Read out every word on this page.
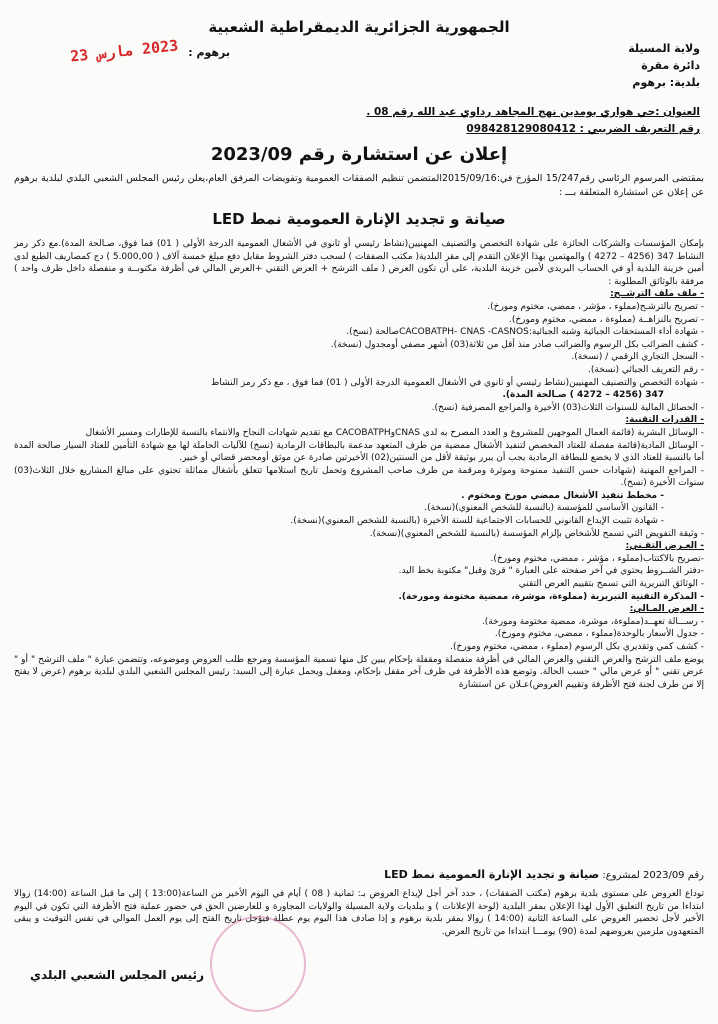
الجمهورية الجزائرية الديمقراطية الشعبية
ولاية المسيلة
دائرة مقرة
بلدية: برهوم
برهوم : 2023 مارس 23
العنوان :حي هواري بومدين نهج المجاهد رداوي عبد الله رقم 08 .
رقم التعريف الضريبي : 098428129080412
إعلان عن استشارة رقم 2023/09
بمقتضى المرسوم الرئاسي رقم15/247 المؤرخ في:2015/09/16المتضمن تنظيم الصفقات العمومية وتفويضات المرفق العام،يعلن رئيس المجلس الشعبي البلدي لبلدية برهوم عن إعلان عن استشارة المتعلقة بـــ :
صيانة و تجديد الإنارة العمومية نمط LED

بإمكان المؤسسات والشركات الحائزة على شهادة التخصص والتصنيف المهنيين(نشاط رئيسي أو ثانوي في الأشغال العمومية الدرجة الأولى ( 01) فما فوق، صـالحة المدة).مع ذكر رمز النشاط 347 (4256 – 4272 ) والمهتمين بهذا الإعلان التقدم إلى مقر البلدية( مكتب الصفقات ) لسحب دفتر الشروط مقابل دفع مبلغ خمسة آلاف ( 5.000,00 ) دج كمصاريف الطبع لدى أمين خزينة البلدية أو في الحساب البريدي لأمين خزينة البلدية، على أن تكون العرض ( ملف الترشح + العرض التقني +العرض المالي في أظرفة مكتوبــة و منفصلة داخل ظرف واحد ) مرفقة بالوثائق المطلوبة :

- ملف ملف الترشــح:

- تصريح بالترشـح(مملوء ، مؤشر ، ممضي، مختوم ومورخ).

- تصريح بالنزاهــة (مملوءة ، ممضي، مختوم ومورخ).

- شهادة أداء المستحقات الجبائية وشبه الجبائية:CACOBATPH- CNAS -CASNOSصالحة (نسخ).

- كشف الضرائب بكل الرسوم والضرائب صادر منذ أقل من ثلاثة(03) أشهر مصفي أومجدول (نسخة).

- السجل التجاري الرقمي / (نسخة).

- رقم التعريف الجبائي (نسخة).

- شهادة التخصص والتصنيف المهنيين(نشاط رئيسي أو ثانوي في الأشغال العمومية الدرجة الأولى ( 01) فما فوق ، مع ذكر رمز النشاط

347 (4256 – 4272 ) صـالحة المدة).

- الحصائل المالية للسنوات الثلاث(03) الأخيرة والمراجع المصرفية (نسخ).

- القدرات التقنية:

- الوسائل البشرية (قائمة العمال الموجهين للمشروع و العدد المصرح به لدى CNASوCACOBATPH مع تقديم شهادات النجاح والانتماء بالنسبة للإطارات ومسير الأشغال

- الوسائل المادية(قائمة مفصلة للعتاد المخصص لتنفيذ الأشغال ممضية من طرف المتعهد مدعمة بالبطاقات الرمادية (نسخ) للآليات الحاملة لها مع شهادة التأمين للعتاد السيار صالحة المدة أما بالنسبة للعتاد الذي لا يخضع للبطاقة الرمادية يجب أن يبرر بوثيقة لأقل من السنتين(02) الأخيرتين صادرة عن موثق أومحضر قضائي أو خبير.

- المراجع المهنية (شهادات حسن التنفيذ ممنوحة وموثرة ومرقمة من طرف صاحب المشروع وتحمل تاريخ استلامها تتعلق بأشغال مماثلة تحتوي على مبالغ المشاريع خلال الثلاث(03) سنوات الأخيرة (نسخ).

- مخطط تنفيذ الأشغال ممضي مورخ ومختوم .

- القانون الأساسي للمؤسسة (بالنسبة للشخص المعنوي)(نسخة).

- شهادة تثبيت الإيداع القانوني للحسابات الاجتماعية للسنة الأخيرة (بالنسبة للشخص المعنوي)(نسخة).

- وثيقة التفويض التي تسمح للأشخاص بإلزام المؤسسة (بالنسبة للشخص المعنوي)(نسخة).

- العـرض التقـني:

-تصريح بالاكتتاب(مملوء ، مؤشر ، ممضي، مختوم ومورخ).

-دفتر الشــروط يحتوي في آخر صفحته على العبارة " قرئ وقبل" مكتوبة بخط اليد.

- الوثائق التبريرية التي تسمح بتقييم العرض التقني

- المذكرة التقنية التبريرية (مملوءة، موشرة، ممضية مختومة ومورخة).

- العرض المـالي:

- رســـالة تعهــد(مملوءة، موشرة، ممضية مختومة ومورخة).

- جدول الأسعار بالوحدة(مملوء ، ممضي، مختوم ومورخ).

- كشف كمي وتقديري بكل الرسوم (مملوء ، ممضي، مختوم ومورخ).

يوضع ملف الترشح والعرض التقني والعرض المالي في أظرفة منفصلة ومقفلة بإحكام يبين كل منها تسمية المؤسسة ومرجع طلب العروض وموضوعه، وتتضمن عبارة " ملف الترشح " أو " عرض تقني " أو عرض مالي " حسب الحالة. وتوضع هذه الأظرفة في ظرف آخر مقفل بإحكام، ومغفل ويحمل عبارة إلى السيد: رئيس المجلس الشعبي البلدي لبلدية برهوم (عرض لا يفتح إلا من طرف لجنة فتح الأظرفة وتقييم العروض)عـلان عن استشارة

رقم 2023/09 لمشروع: صيانة و تجديد الإنارة العمومية نمط LED
توداع العروض على مستوى بلدية برهوم (مكتب الصفقات) ، حدد آخر أجل لإيداع العروض بـ: ثمانية ( 08 ) أيام في اليوم الأخير من الساعة(13:00 ) إلى ما قبل الساعة (14:00) زوالا ابتداءا من تاريخ التعليق الأول لهذا الإعلان بمقر البلدية (لوحة الإعلانات ) و ببلديات ولاية المسيلة والولايات المجاورة و للعارضين الحق في حضور عملية فتح الأظرفة التي تكون في اليوم الأخير لأجل تحضير العروض على الساعة الثانية (14:00 ) زوالا بمقر بلدية برهوم و إذا صادف هذا اليوم يوم عطلة فيؤجل تاريخ الفتح إلى يوم العمل الموالي في نفس التوقيت و يبقى المتعهدون ملزمين بعروضهم لمدة (90) يومـــا ابتداءا من تاريخ العرض.
رئيس المجلس الشعبي البلدي
